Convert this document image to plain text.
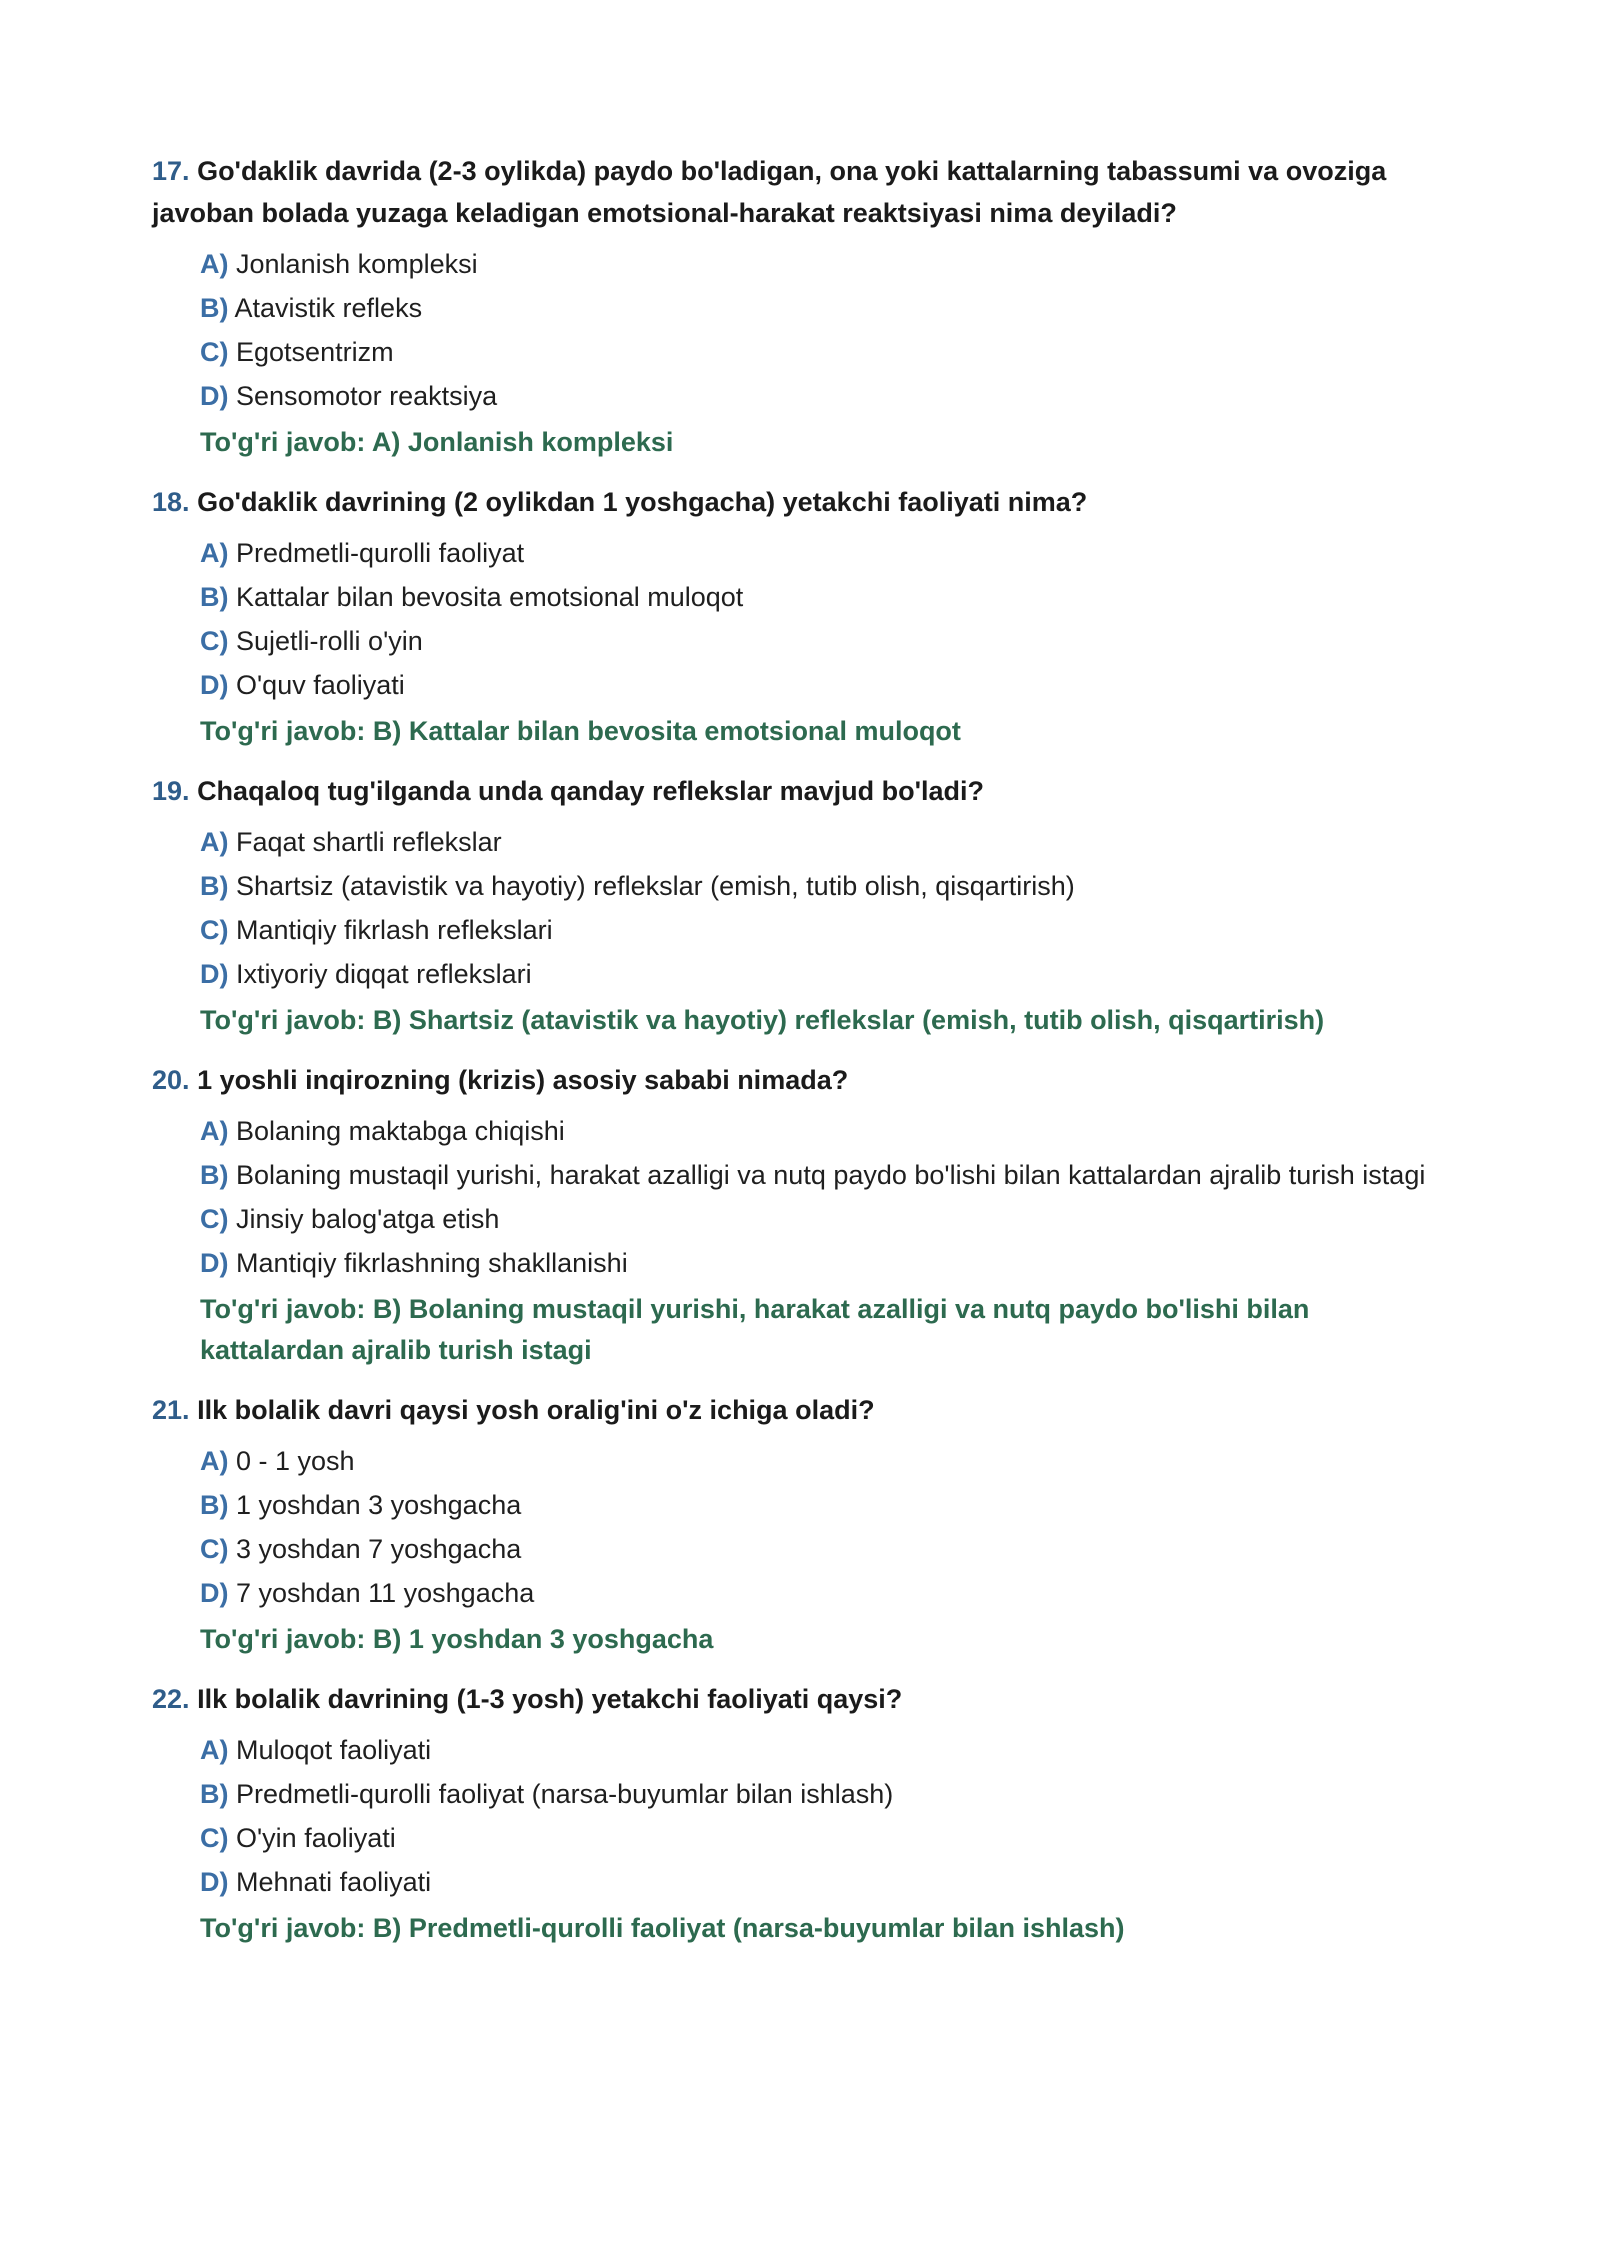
17. Go'daklik davrida (2-3 oylikda) paydo bo'ladigan, ona yoki kattalarning tabassumi va ovoziga javoban bolada yuzaga keladigan emotsional-harakat reaktsiyasi nima deyiladi?
A) Jonlanish kompleksi
B) Atavistik refleks
C) Egotsentrizm
D) Sensomotor reaktsiya
To'g'ri javob: A) Jonlanish kompleksi
18. Go'daklik davrining (2 oylikdan 1 yoshgacha) yetakchi faoliyati nima?
A) Predmetli-qurolli faoliyat
B) Kattalar bilan bevosita emotsional muloqot
C) Sujetli-rolli o'yin
D) O'quv faoliyati
To'g'ri javob: B) Kattalar bilan bevosita emotsional muloqot
19. Chaqaloq tug'ilganda unda qanday reflekslar mavjud bo'ladi?
A) Faqat shartli reflekslar
B) Shartsiz (atavistik va hayotiy) reflekslar (emish, tutib olish, qisqartirish)
C) Mantiqiy fikrlash reflekslari
D) Ixtiyoriy diqqat reflekslari
To'g'ri javob: B) Shartsiz (atavistik va hayotiy) reflekslar (emish, tutib olish, qisqartirish)
20. 1 yoshli inqirozning (krizis) asosiy sababi nimada?
A) Bolaning maktabga chiqishi
B) Bolaning mustaqil yurishi, harakat azalligi va nutq paydo bo'lishi bilan kattalardan ajralib turish istagi
C) Jinsiy balog'atga etish
D) Mantiqiy fikrlashning shakllanishi
To'g'ri javob: B) Bolaning mustaqil yurishi, harakat azalligi va nutq paydo bo'lishi bilan kattalardan ajralib turish istagi
21. Ilk bolalik davri qaysi yosh oralig'ini o'z ichiga oladi?
A) 0 - 1 yosh
B) 1 yoshdan 3 yoshgacha
C) 3 yoshdan 7 yoshgacha
D) 7 yoshdan 11 yoshgacha
To'g'ri javob: B) 1 yoshdan 3 yoshgacha
22. Ilk bolalik davrining (1-3 yosh) yetakchi faoliyati qaysi?
A) Muloqot faoliyati
B) Predmetli-qurolli faoliyat (narsa-buyumlar bilan ishlash)
C) O'yin faoliyati
D) Mehnati faoliyati
To'g'ri javob: B) Predmetli-qurolli faoliyat (narsa-buyumlar bilan ishlash)
